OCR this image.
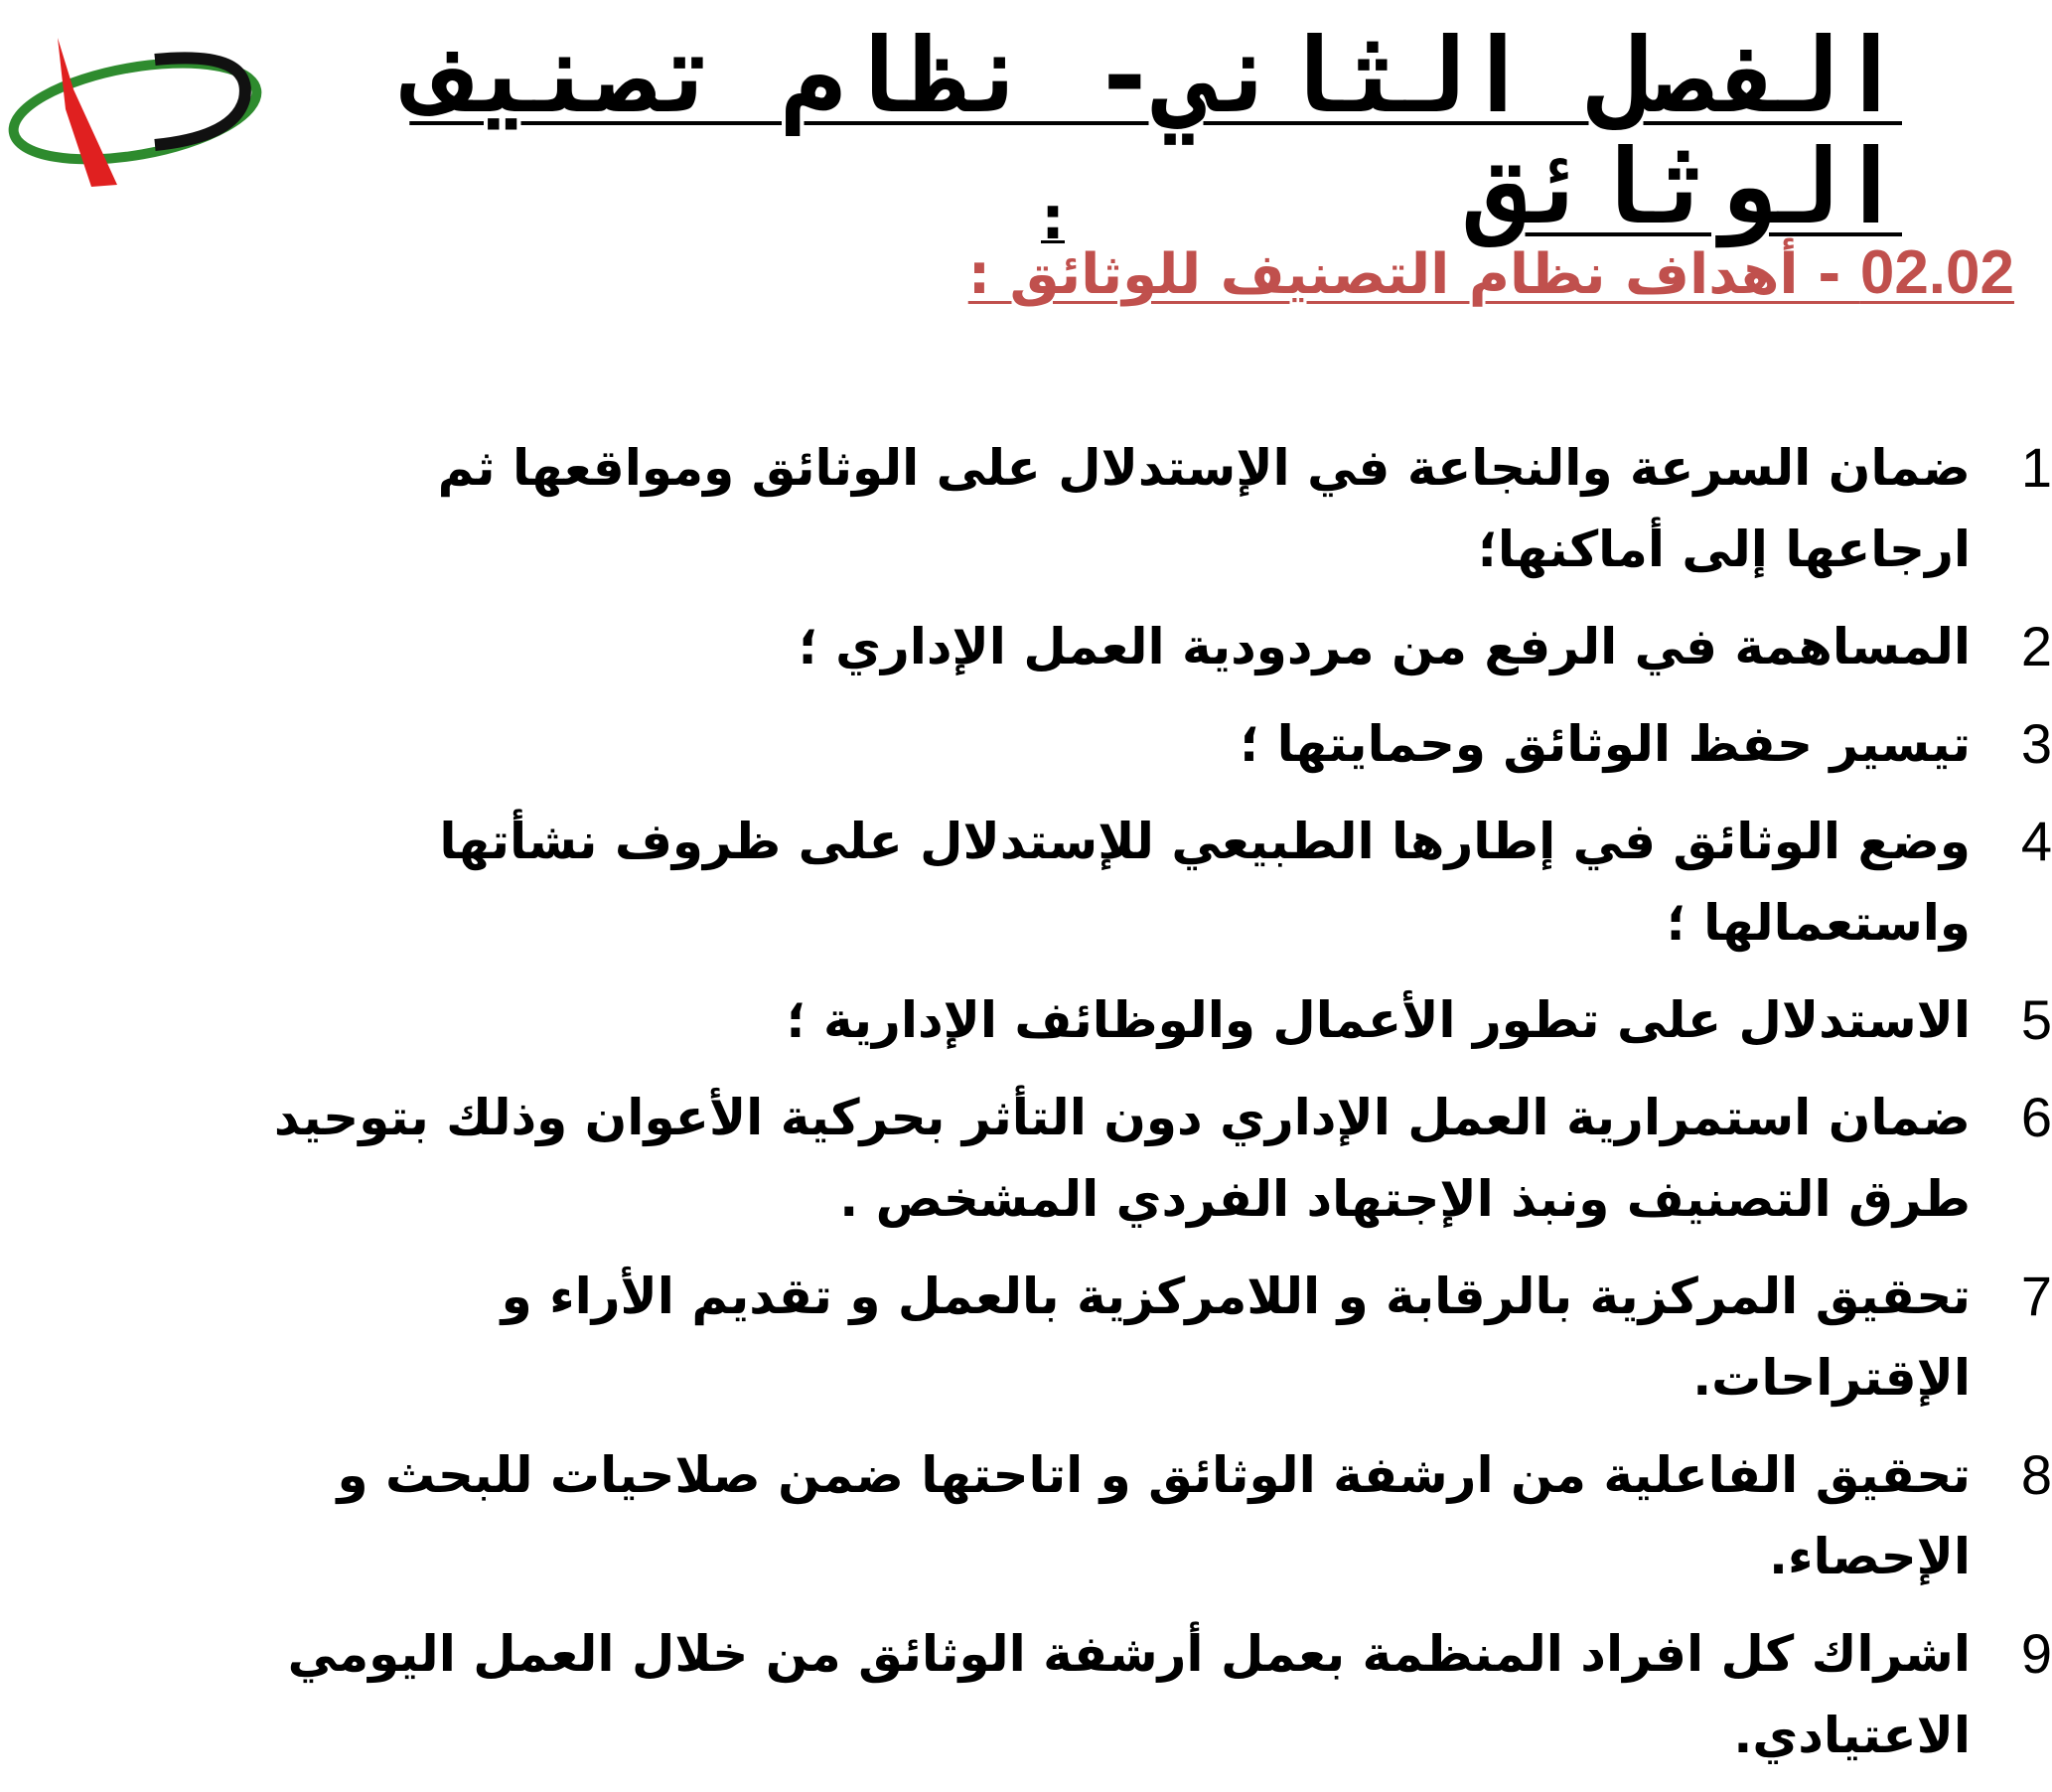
الفصل الثاني- نظام تصنيف الوثائق
:
02.02 - أهداف نظام التصنيف للوثائق :
1
ضمان السرعة والنجاعة في الإستدلال على الوثائق ومواقعها ثم ارجاعها إلى أماكنها؛
2
المساهمة في الرفع من مردودية العمل الإداري ؛
3
تيسير حفظ الوثائق وحمايتها ؛
4
وضع الوثائق في إطارها الطبيعي للإستدلال على ظروف نشأتها واستعمالها ؛
5
الاستدلال على تطور الأعمال والوظائف الإدارية ؛
6
ضمان استمرارية العمل الإداري دون التأثر بحركية الأعوان وذلك بتوحيد طرق التصنيف ونبذ الإجتهاد الفردي المشخص .
7
تحقيق المركزية بالرقابة و اللامركزية بالعمل و تقديم الأراء و الإقتراحات.
8
تحقيق الفاعلية من ارشفة الوثائق و اتاحتها ضمن صلاحيات للبحث و الإحصاء.
9
اشراك كل افراد المنظمة بعمل أرشفة الوثائق من خلال العمل اليومي الاعتيادي.
